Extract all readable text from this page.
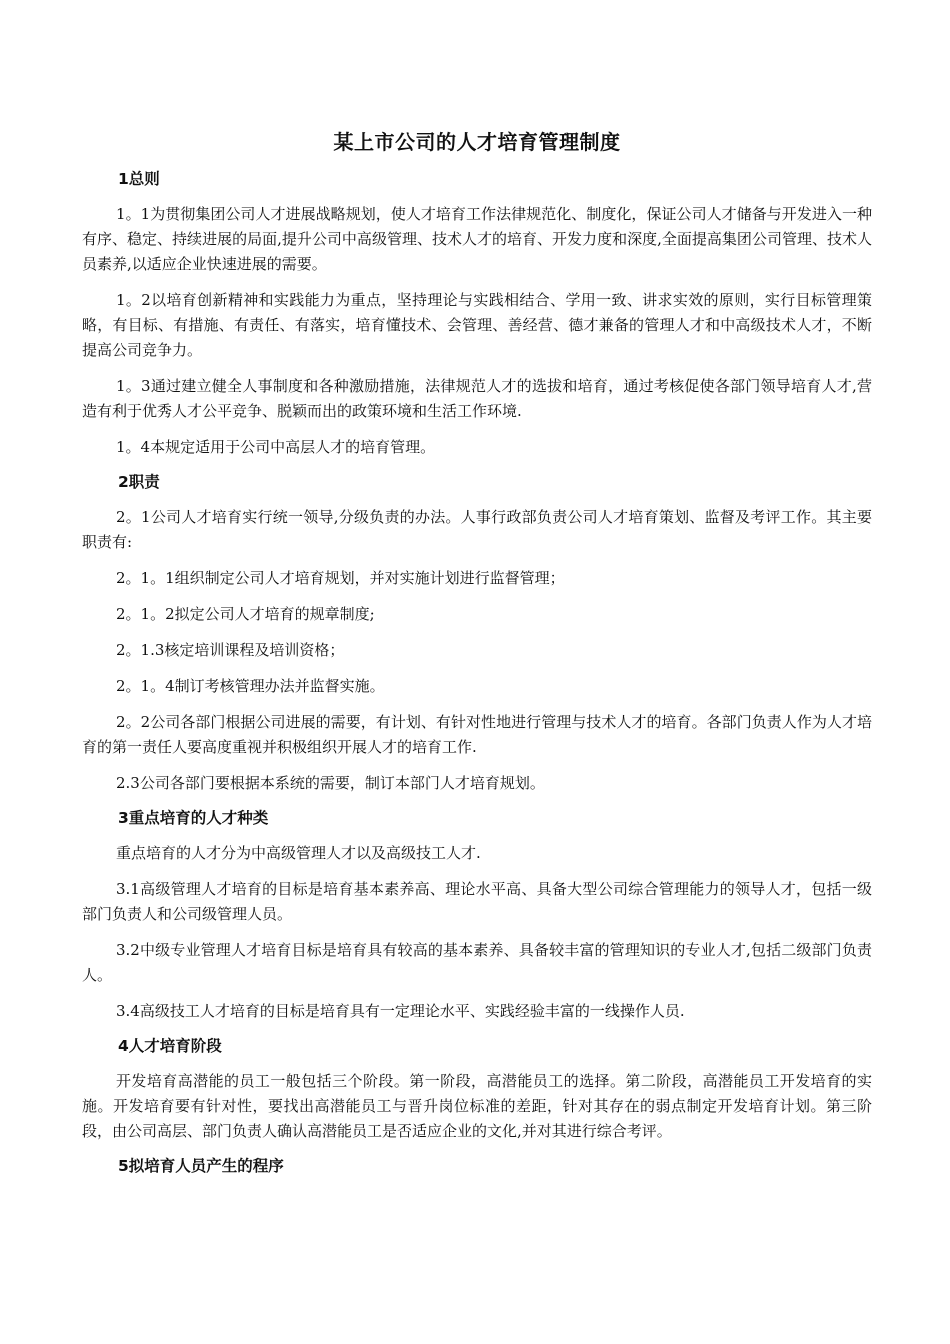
某上市公司的人才培育管理制度
1总则

1。1为贯彻集团公司人才进展战略规划，使人才培育工作法律规范化、制度化，保证公司人才储备与开发进入一种有序、稳定、持续进展的局面,提升公司中高级管理、技术人才的培育、开发力度和深度,全面提高集团公司管理、技术人员素养,以适应企业快速进展的需要。

1。2以培育创新精神和实践能力为重点，坚持理论与实践相结合、学用一致、讲求实效的原则，实行目标管理策略，有目标、有措施、有责任、有落实，培育懂技术、会管理、善经营、德才兼备的管理人才和中高级技术人才，不断提高公司竞争力。

1。3通过建立健全人事制度和各种激励措施，法律规范人才的选拔和培育，通过考核促使各部门领导培育人才,营造有利于优秀人才公平竞争、脱颖而出的政策环境和生活工作环境.

1。4本规定适用于公司中高层人才的培育管理。

2职责

2。1公司人才培育实行统一领导,分级负责的办法。人事行政部负责公司人才培育策划、监督及考评工作。其主要职责有:

2。1。1组织制定公司人才培育规划，并对实施计划进行监督管理；

2。1。2拟定公司人才培育的规章制度;

2。1.3核定培训课程及培训资格；

2。1。4制订考核管理办法并监督实施。

2。2公司各部门根据公司进展的需要，有计划、有针对性地进行管理与技术人才的培育。各部门负责人作为人才培育的第一责任人要高度重视并积极组织开展人才的培育工作.

2.3公司各部门要根据本系统的需要，制订本部门人才培育规划。

3重点培育的人才种类

重点培育的人才分为中高级管理人才以及高级技工人才.

3.1高级管理人才培育的目标是培育基本素养高、理论水平高、具备大型公司综合管理能力的领导人才，包括一级部门负责人和公司级管理人员。

3.2中级专业管理人才培育目标是培育具有较高的基本素养、具备较丰富的管理知识的专业人才,包括二级部门负责人。

3.4高级技工人才培育的目标是培育具有一定理论水平、实践经验丰富的一线操作人员.

4人才培育阶段

开发培育高潜能的员工一般包括三个阶段。第一阶段，高潜能员工的选择。第二阶段，高潜能员工开发培育的实施。开发培育要有针对性，要找出高潜能员工与晋升岗位标准的差距，针对其存在的弱点制定开发培育计划。第三阶段，由公司高层、部门负责人确认高潜能员工是否适应企业的文化,并对其进行综合考评。

5拟培育人员产生的程序
